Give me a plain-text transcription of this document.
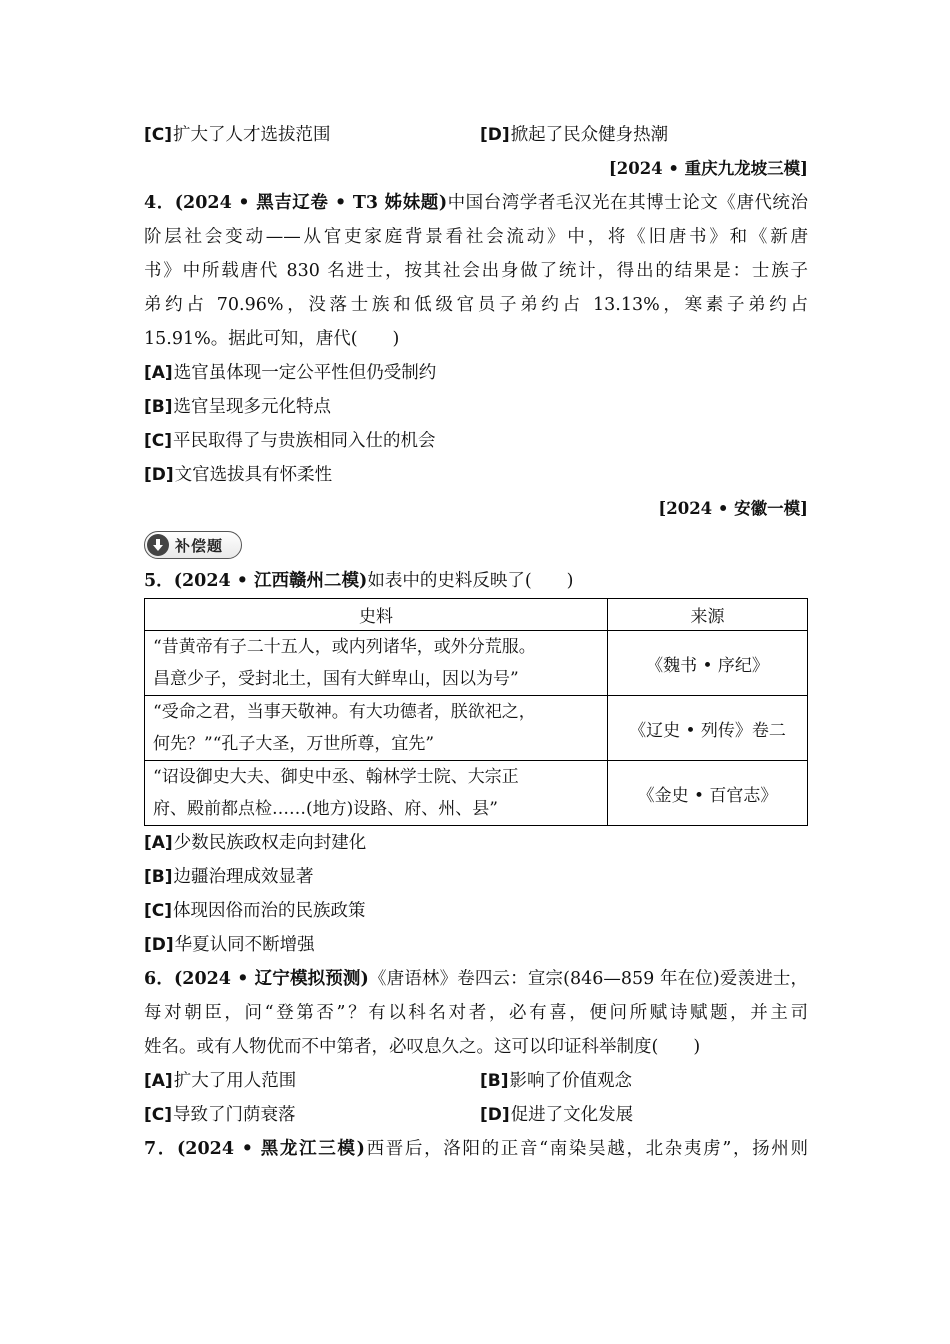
[C]扩大了人才选拔范围	[D]掀起了民众健身热潮
[2024 • 重庆九龙坡三模]
4．(2024 • 黑吉辽卷 • T3 姊妹题)中国台湾学者毛汉光在其博士论文《唐代统治
阶层社会变动——从官吏家庭背景看社会流动》中，将《旧唐书》和《新唐
书》中所载唐代 830 名进士，按其社会出身做了统计，得出的结果是：士族子
弟约占 70.96%，没落士族和低级官员子弟约占 13.13%，寒素子弟约占
15.91%。据此可知，唐代(　　)
[A]选官虽体现一定公平性但仍受制约
[B]选官呈现多元化特点
[C]平民取得了与贵族相同入仕的机会
[D]文官选拔具有怀柔性
[2024 • 安徽一模]
补偿题
5．(2024 • 江西赣州二模)如表中的史料反映了(　　)
史料	来源

“昔黄帝有子二十五人，或内列诸华，或外分荒服。
昌意少子，受封北土，国有大鲜卑山，因以为号”	《魏书 • 序纪》

“受命之君，当事天敬神。有大功德者，朕欲祀之，
何先？”“孔子大圣，万世所尊，宜先”	《辽史 • 列传》卷二

“诏设御史大夫、御史中丞、翰林学士院、大宗正
府、殿前都点检……(地方)设路、府、州、县”	《金史 • 百官志》
[A]少数民族政权走向封建化
[B]边疆治理成效显著
[C]体现因俗而治的民族政策
[D]华夏认同不断增强
6．(2024 • 辽宁模拟预测)《唐语林》卷四云：宣宗(846—859 年在位)爱羡进士，
每对朝臣，问“登第否”？有以科名对者，必有喜，便问所赋诗赋题，并主司
姓名。或有人物优而不中第者，必叹息久之。这可以印证科举制度(　　)
[A]扩大了用人范围	[B]影响了价值观念
[C]导致了门荫衰落	[D]促进了文化发展
7．(2024 • 黑龙江三模)西晋后，洛阳的正音“南染吴越，北杂夷虏”，扬州则
